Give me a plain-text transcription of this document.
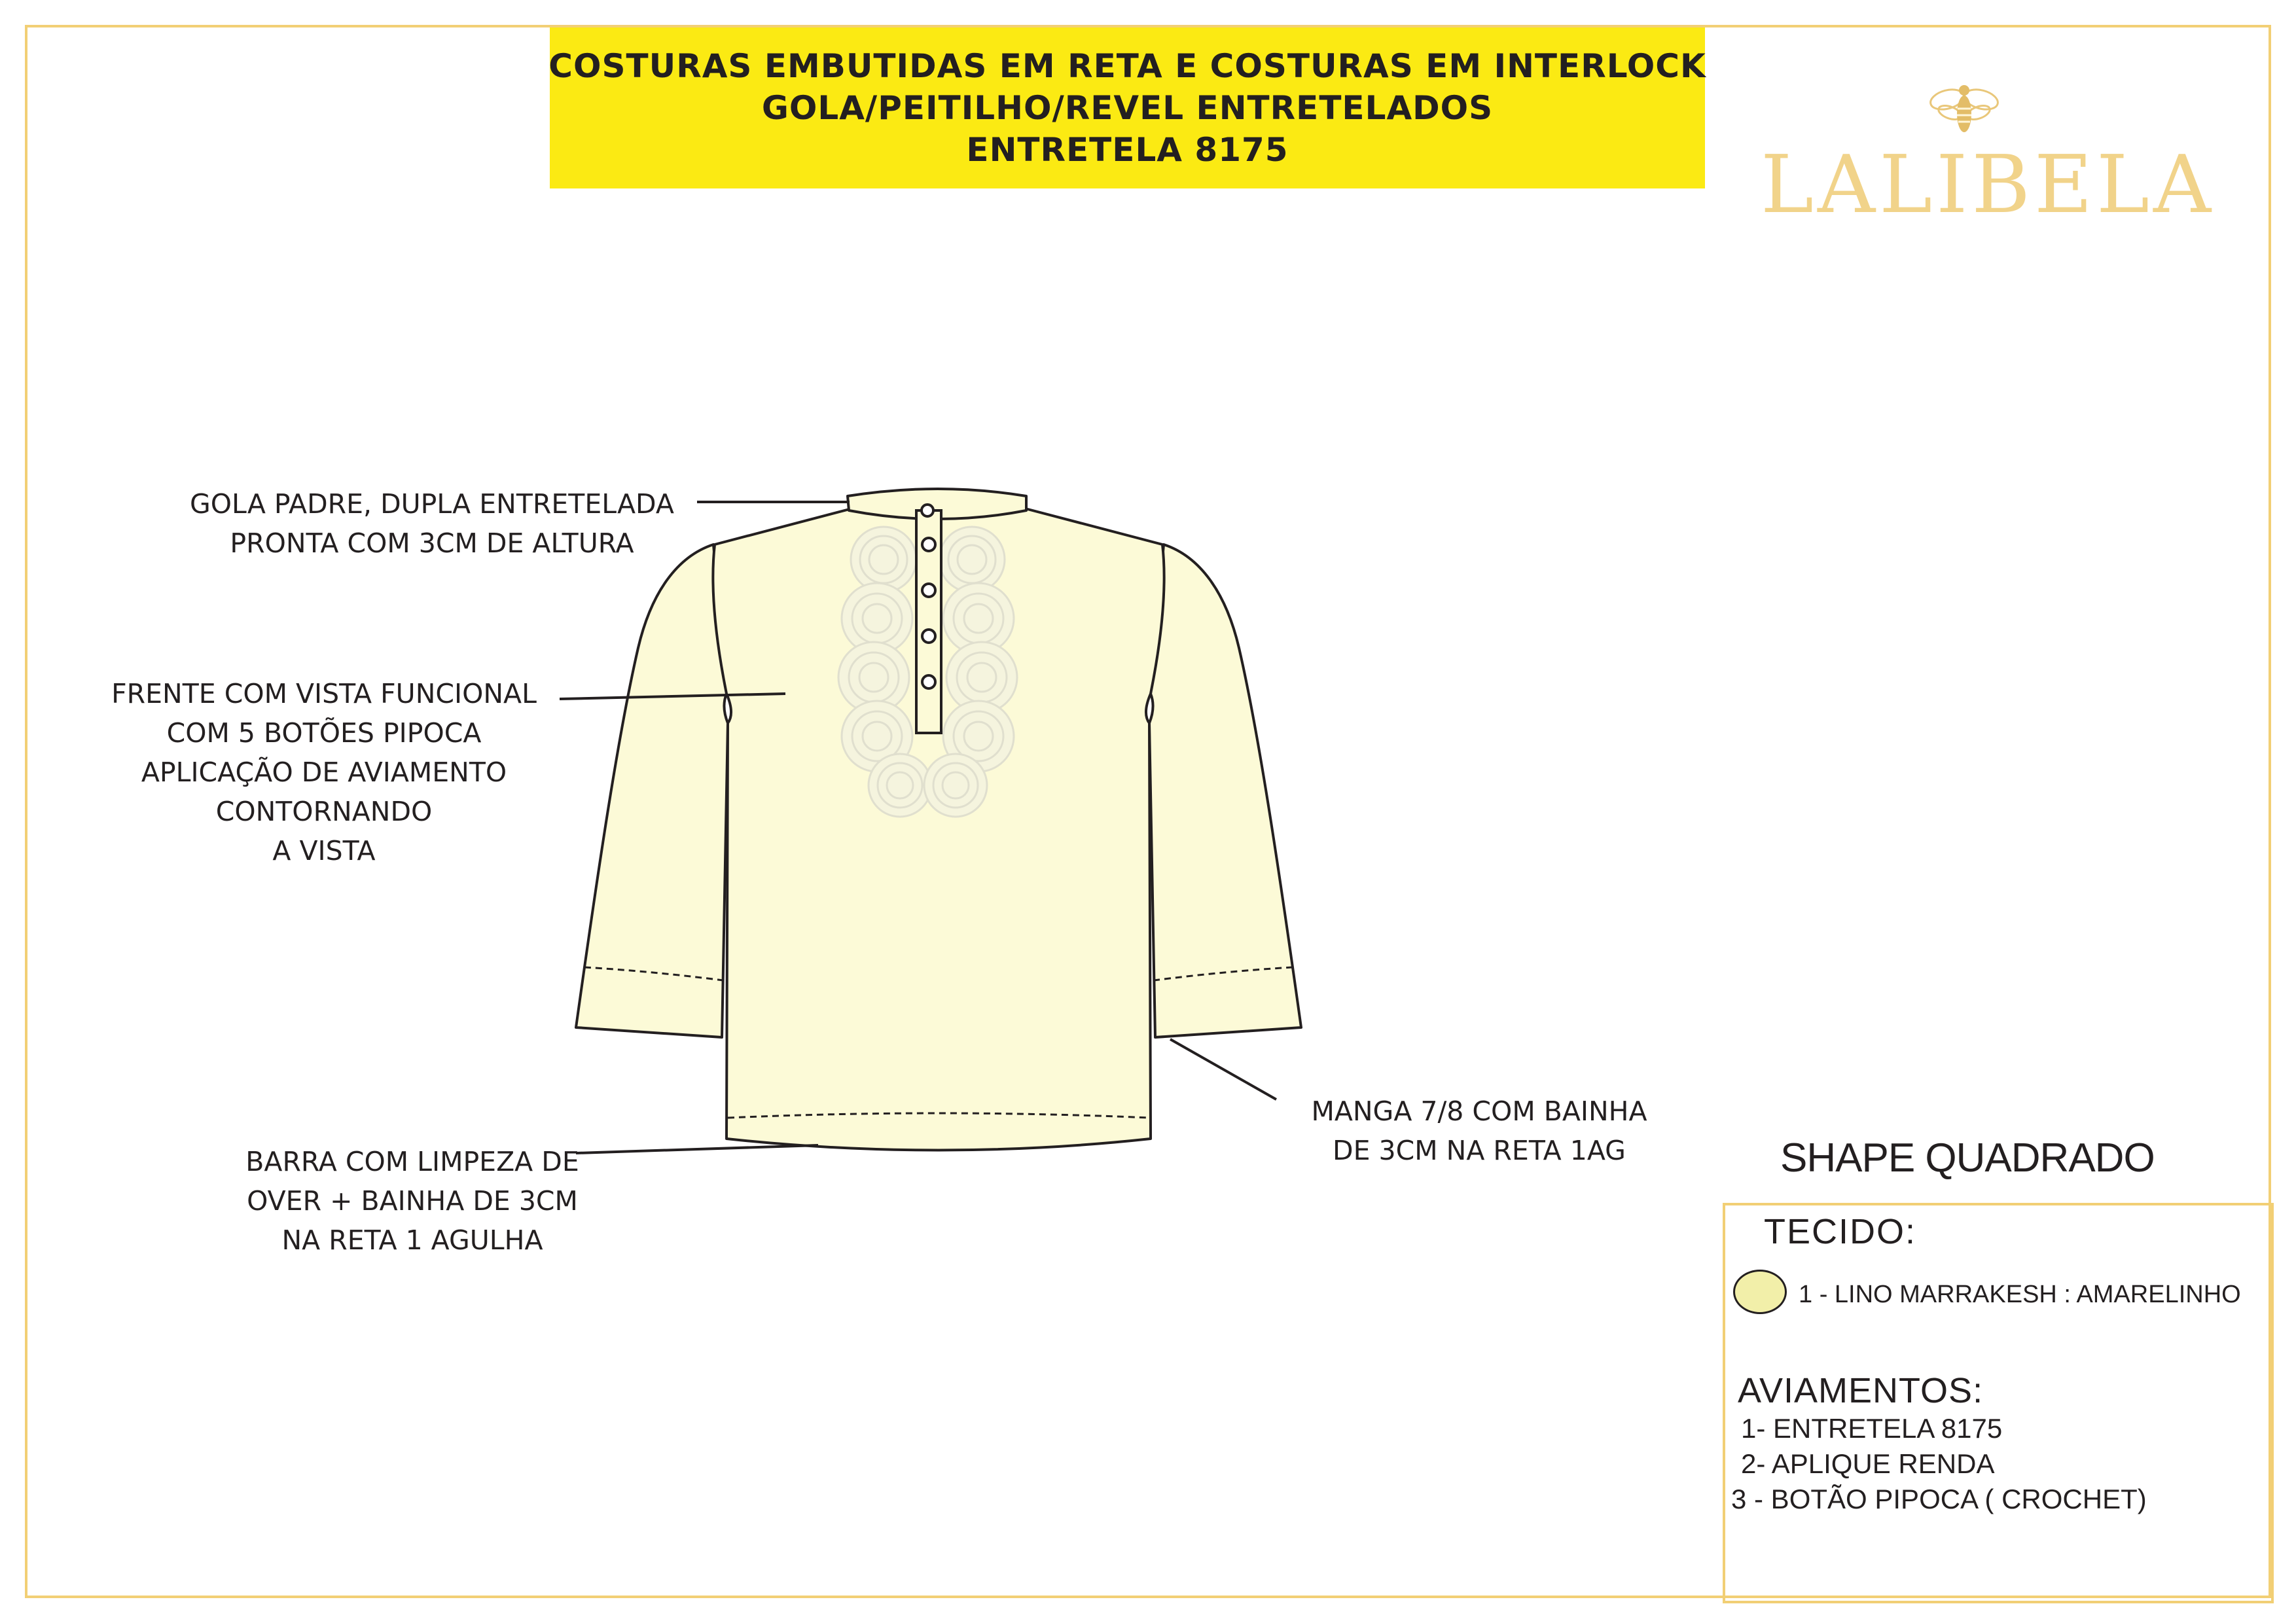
COSTURAS EMBUTIDAS EM RETA E COSTURAS EM INTERLOCK
GOLA/PEITILHO/REVEL ENTRETELADOS
ENTRETELA 8175	LALIBELA
GOLA PADRE, DUPLA ENTRETELADA
PRONTA COM 3CM DE ALTURA
FRENTE COM VISTA FUNCIONAL
COM 5 BOTÕES PIPOCA
APLICAÇÃO DE AVIAMENTO
CONTORNANDO
A VISTA
MANGA 7/8 COM BAINHA
DE 3CM NA RETA 1AG
BARRA COM LIMPEZA DE
OVER + BAINHA DE 3CM
NA RETA 1 AGULHA
SHAPE QUADRADO
TECIDO:
1 - LINO MARRAKESH : AMARELINHO
AVIAMENTOS:
1- ENTRETELA 8175
2- APLIQUE RENDA
3 - BOTÃO PIPOCA ( CROCHET)
